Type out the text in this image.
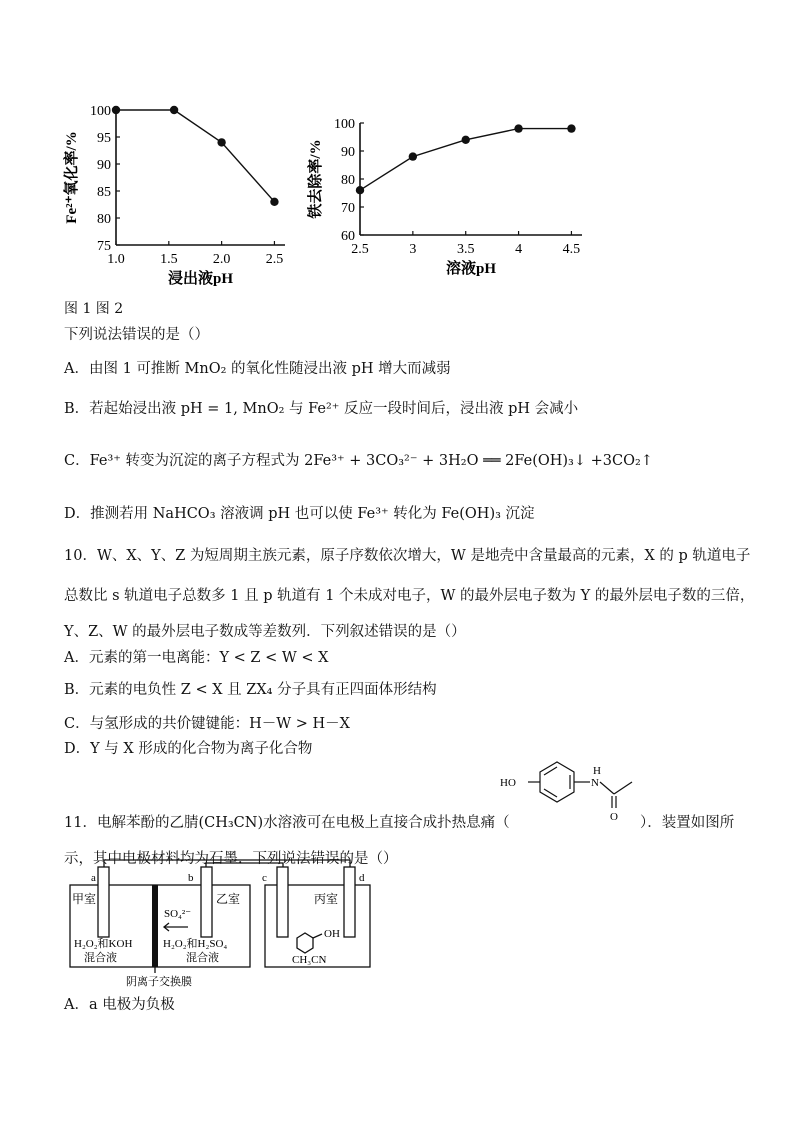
75
80
85
90
95
100
1.0	1.5	2.0	2.5
浸出液pH
Fe²⁺氧化率/%
60
70
80
90
100
2.5	3	3.5	4	4.5
溶液pH
铁去除率/%
图 1 图 2
下列说法错误的是（）
A．由图 1 可推断 MnO₂ 的氧化性随浸出液 pH 增大而减弱
B．若起始浸出液 pH = 1, MnO₂ 与 Fe²⁺ 反应一段时间后，浸出液 pH 会减小
C．Fe³⁺ 转变为沉淀的离子方程式为 2Fe³⁺ + 3CO₃²⁻ + 3H₂O ══ 2Fe(OH)₃↓ +3CO₂↑
D．推测若用 NaHCO₃ 溶液调 pH 也可以使 Fe³⁺ 转化为 Fe(OH)₃ 沉淀
10．W、X、Y、Z 为短周期主族元素，原子序数依次增大，W 是地壳中含量最高的元素，X 的 p 轨道电子
总数比 s 轨道电子总数多 1 且 p 轨道有 1 个未成对电子，W 的最外层电子数为 Y 的最外层电子数的三倍，
Y、Z、W 的最外层电子数成等差数列．下列叙述错误的是（）
A．元素的第一电离能：Y < Z < W < X
B．元素的电负性 Z < X 且 ZX₄ 分子具有正四面体形结构
C．与氢形成的共价键键能：H－W > H－X
D．Y 与 X 形成的化合物为离子化合物
HO
H
N
O
11．电解苯酚的乙腈(CH₃CN)水溶液可在电极上直接合成扑热息痛（	）．装置如图所
示，其中电极材料均为石墨．下列说法错误的是（）
a	b	c	d
甲室	乙室	丙室
SO₄²⁻
H₂O₂和KOH
混合液
H₂O₂和H₂SO₄
混合液
OH
CH₃CN
阴离子交换膜
A．a 电极为负极
